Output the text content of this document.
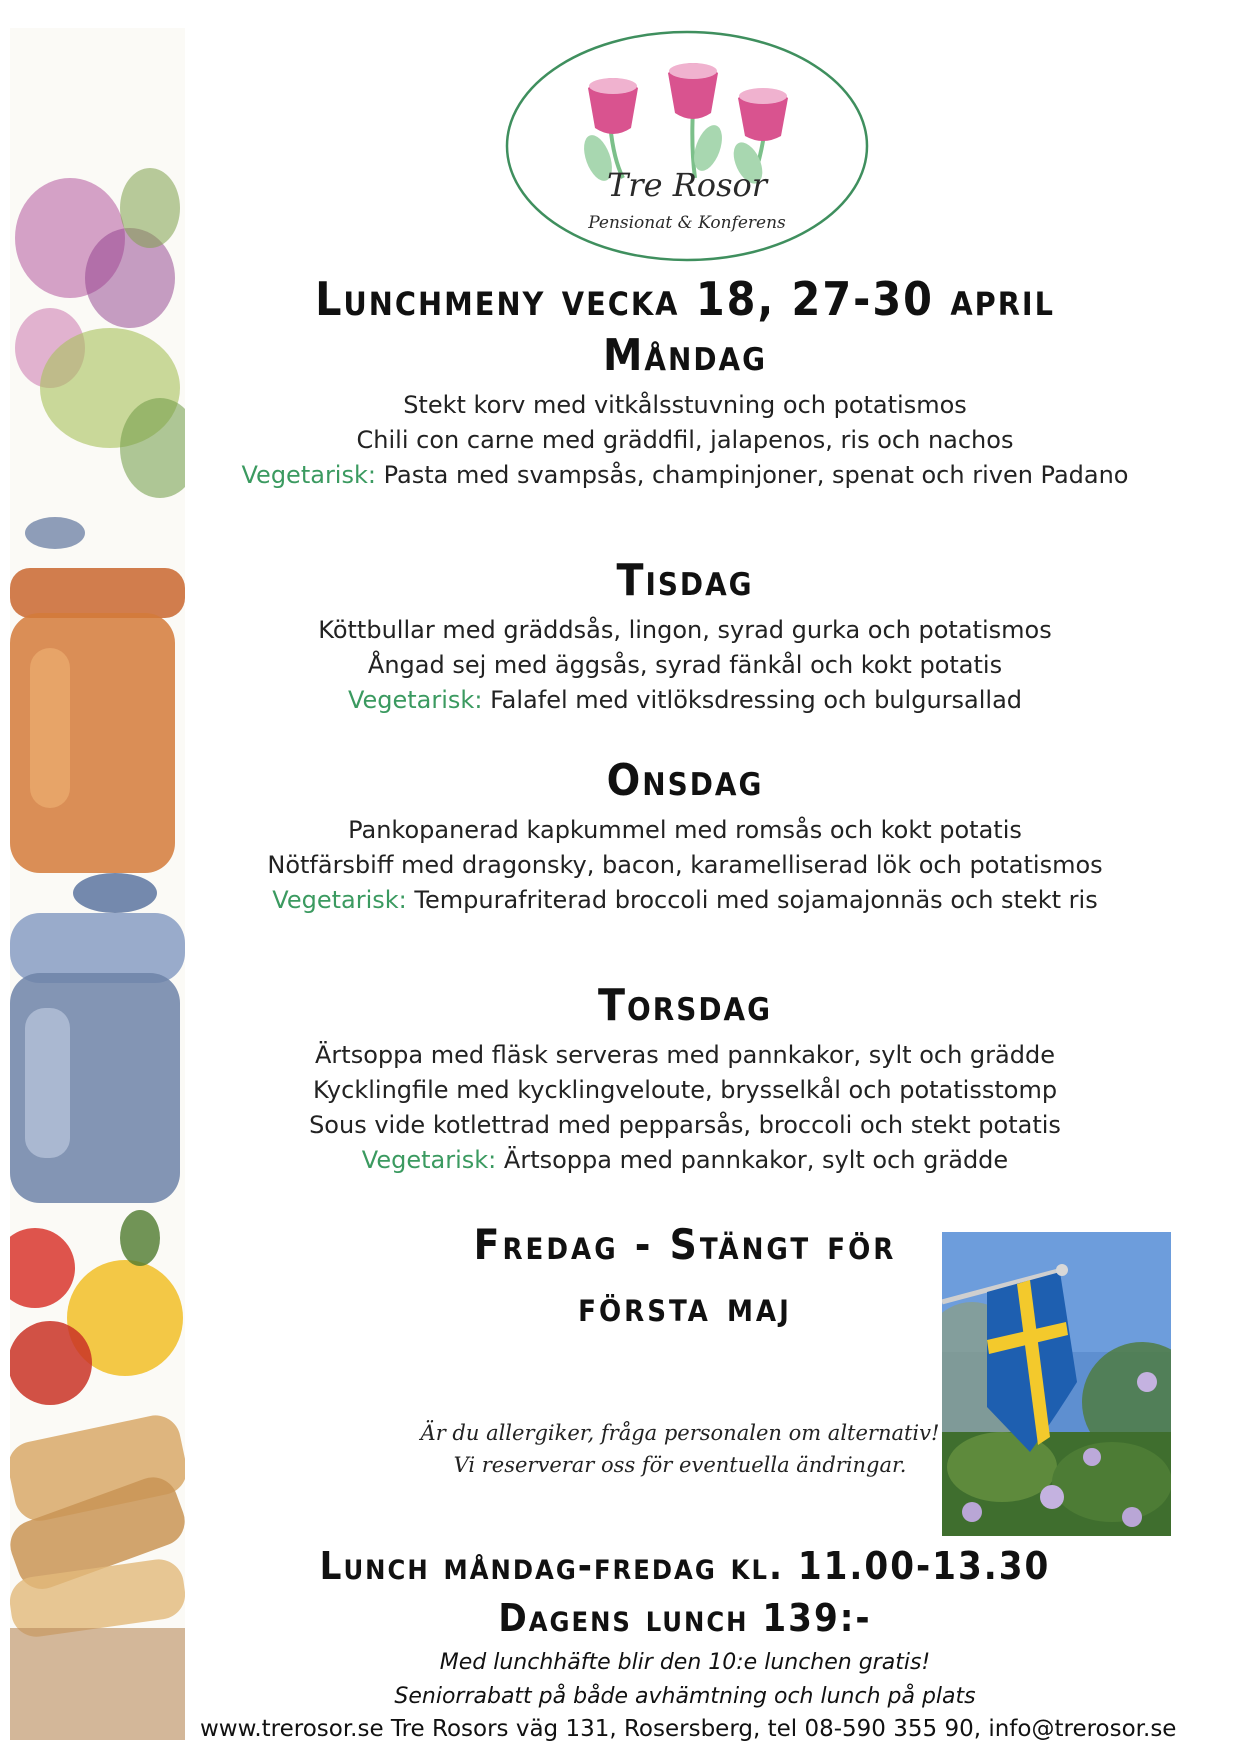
Tre Rosor
Pensionat & Konferens
Lunchmeny vecka 18, 27-30 april
Måndag
Stekt korv med vitkålsstuvning och potatismos
Chili con carne med gräddfil, jalapenos, ris och nachos
Vegetarisk: Pasta med svampsås, champinjoner, spenat och riven Padano
Tisdag
Köttbullar med gräddsås, lingon, syrad gurka och potatismos
Ångad sej med äggsås, syrad fänkål och kokt potatis
Vegetarisk: Falafel med vitlöksdressing och bulgursallad
Onsdag
Pankopanerad kapkummel med romsås och kokt potatis
Nötfärsbiff med dragonsky, bacon, karamelliserad lök och potatismos
Vegetarisk: Tempurafriterad broccoli med sojamajonnäs och stekt ris
Torsdag
Ärtsoppa med fläsk serveras med pannkakor, sylt och grädde
Kycklingfile med kycklingveloute, brysselkål och potatisstomp
Sous vide kotlettrad med pepparsås, broccoli och stekt potatis
Vegetarisk: Ärtsoppa med pannkakor, sylt och grädde
Fredag - Stängt för
första maj
Är du allergiker, fråga personalen om alternativ!
Vi reserverar oss för eventuella ändringar.
Lunch måndag-fredag kl. 11.00-13.30
Dagens lunch 139:-
Med lunchhäfte blir den 10:e lunchen gratis!
Seniorrabatt på både avhämtning och lunch på plats
www.trerosor.se Tre Rosors väg 131, Rosersberg, tel 08-590 355 90, info@trerosor.se
